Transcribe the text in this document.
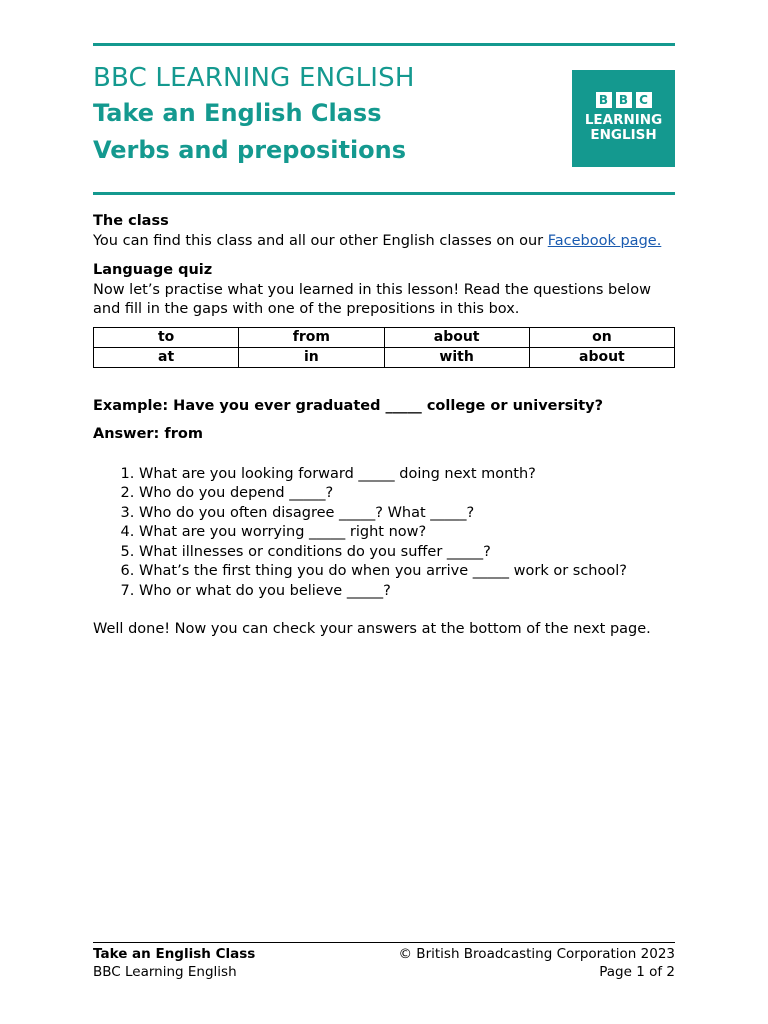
BBC LEARNING ENGLISH
Take an English Class
Verbs and prepositions
B B C
LEARNING
ENGLISH
The class
You can find this class and all our other English classes on our Facebook page.
Language quiz
Now let’s practise what you learned in this lesson! Read the questions below and fill in the gaps with one of the prepositions in this box.
to	from	about	on
at	in	with	about
Example: Have you ever graduated _____ college or university?
Answer: from
1. What are you looking forward _____ doing next month?
2. Who do you depend _____?
3. Who do you often disagree _____? What _____?
4. What are you worrying _____ right now?
5. What illnesses or conditions do you suffer _____?
6. What’s the first thing you do when you arrive _____ work or school?
7. Who or what do you believe _____?
Well done! Now you can check your answers at the bottom of the next page.
Take an English Class
BBC Learning English
© British Broadcasting Corporation 2023
Page 1 of 2
